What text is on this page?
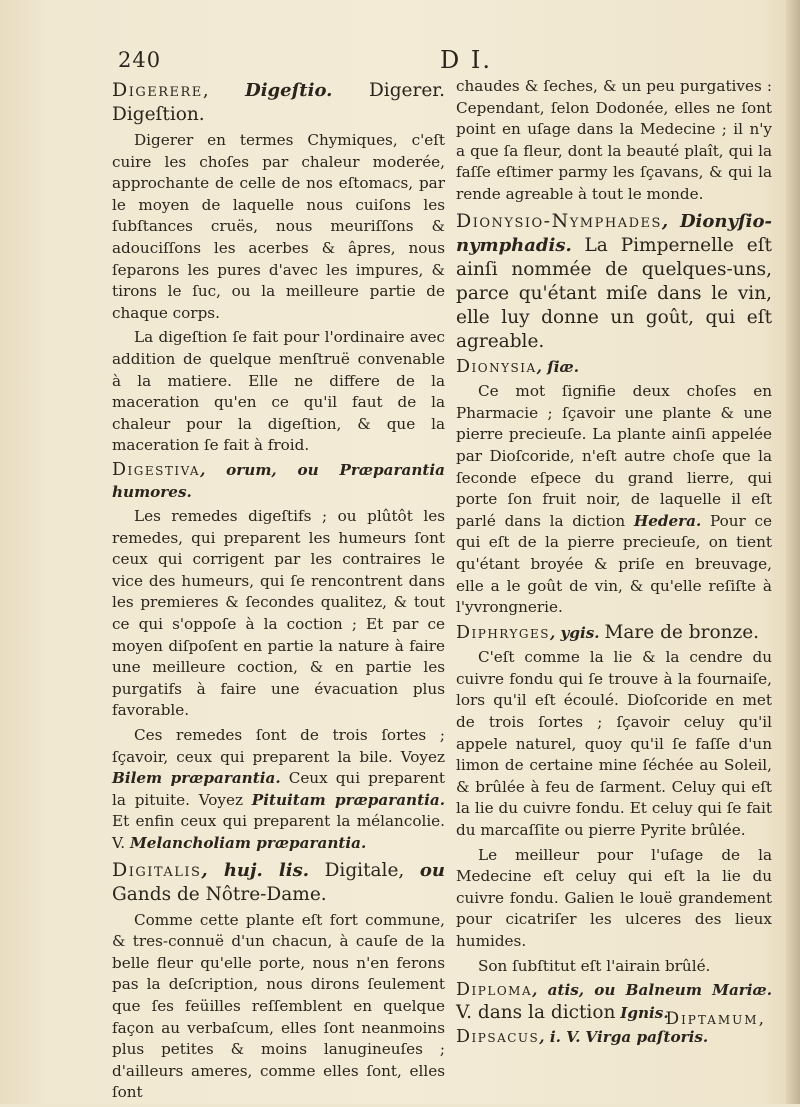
240	D I.
Digerere, Digeſtio. Digerer. Digeſtion.

Digerer en termes Chymiques, c'eſt cuire les choſes par chaleur moderée, approchante de celle de nos eſtomacs, par le moyen de laquelle nous cuiſons les ſubſtances cruës, nous meuriſſons & adouciſſons les acerbes & âpres, nous ſeparons les pures d'avec les impures, & tirons le ſuc, ou la meilleure partie de chaque corps.

La digeſtion ſe fait pour l'ordinaire avec addition de quelque menſtruë convenable à la matiere. Elle ne differe de la maceration qu'en ce qu'il faut de la chaleur pour la digeſtion, & que la maceration ſe fait à froid.

Digestiva, orum, ou Præparantia humores.

Les remedes digeſtifs ; ou plûtôt les remedes, qui preparent les humeurs ſont ceux qui corrigent par les contraires le vice des humeurs, qui ſe rencontrent dans les premieres & ſecondes qualitez, & tout ce qui s'oppoſe à la coction ; Et par ce moyen diſpoſent en partie la nature à faire une meilleure coction, & en partie les purgatifs à faire une évacuation plus favorable.

Ces remedes ſont de trois ſortes ; ſçavoir, ceux qui preparent la bile. Voyez Bilem præparantia. Ceux qui preparent la pituite. Voyez Pituitam præparantia. Et enfin ceux qui preparent la mélancolie. V. Melancholiam præparantia.

Digitalis, huj. lis. Digitale, ou Gands de Nôtre-Dame.

Comme cette plante eſt fort commune, & tres-connuë d'un chacun, à cauſe de la belle fleur qu'elle porte, nous n'en ferons pas la deſcription, nous dirons ſeulement que ſes feüilles reſſemblent en quelque façon au verbaſcum, elles ſont neanmoins plus petites & moins lanugineuſes ; d'ailleurs ameres, comme elles ſont, elles ſont

chaudes & ſeches, & un peu purgatives : Cependant, ſelon Dodonée, elles ne ſont point en uſage dans la Medecine ; il n'y a que ſa fleur, dont la beauté plaît, qui la faſſe eſtimer parmy les ſçavans, & qui la rende agreable à tout le monde.

Dionysio-Nymphades, Dionyſio-nymphadis. La Pimpernelle eſt ainſi nommée de quelques-uns, parce qu'étant miſe dans le vin, elle luy donne un goût, qui eſt agreable.
Dionysia, ſiæ.

Ce mot ſignifie deux choſes en Pharmacie ; ſçavoir une plante & une pierre precieuſe. La plante ainſi appelée par Dioſcoride, n'eſt autre choſe que la ſeconde eſpece du grand lierre, qui porte ſon fruit noir, de laquelle il eſt parlé dans la diction Hedera. Pour ce qui eſt de la pierre precieuſe, on tient qu'étant broyée & priſe en breuvage, elle a le goût de vin, & qu'elle reſiſte à l'yvrongnerie.

Diphryges, ygis. Mare de bronze.

C'eſt comme la lie & la cendre du cuivre fondu qui ſe trouve à la fournaiſe, lors qu'il eſt écoulé. Dioſcoride en met de trois ſortes ; ſçavoir celuy qu'il appele naturel, quoy qu'il ſe faſſe d'un limon de certaine mine ſéchée au Soleil, & brûlée à feu de ſarment. Celuy qui eſt la lie du cuivre fondu. Et celuy qui ſe fait du marcaſſite ou pierre Pyrite brûlée.

Le meilleur pour l'uſage de la Medecine eſt celuy qui eſt la lie du cuivre fondu. Galien le louë grandement pour cicatriſer les ulceres des lieux humides.

Son ſubſtitut eſt l'airain brûlé.

Diploma, atis, ou Balneum Mariæ. V. dans la diction Ignis.
Dipsacus, i. V. Virga paſtoris.
Diptamum,
